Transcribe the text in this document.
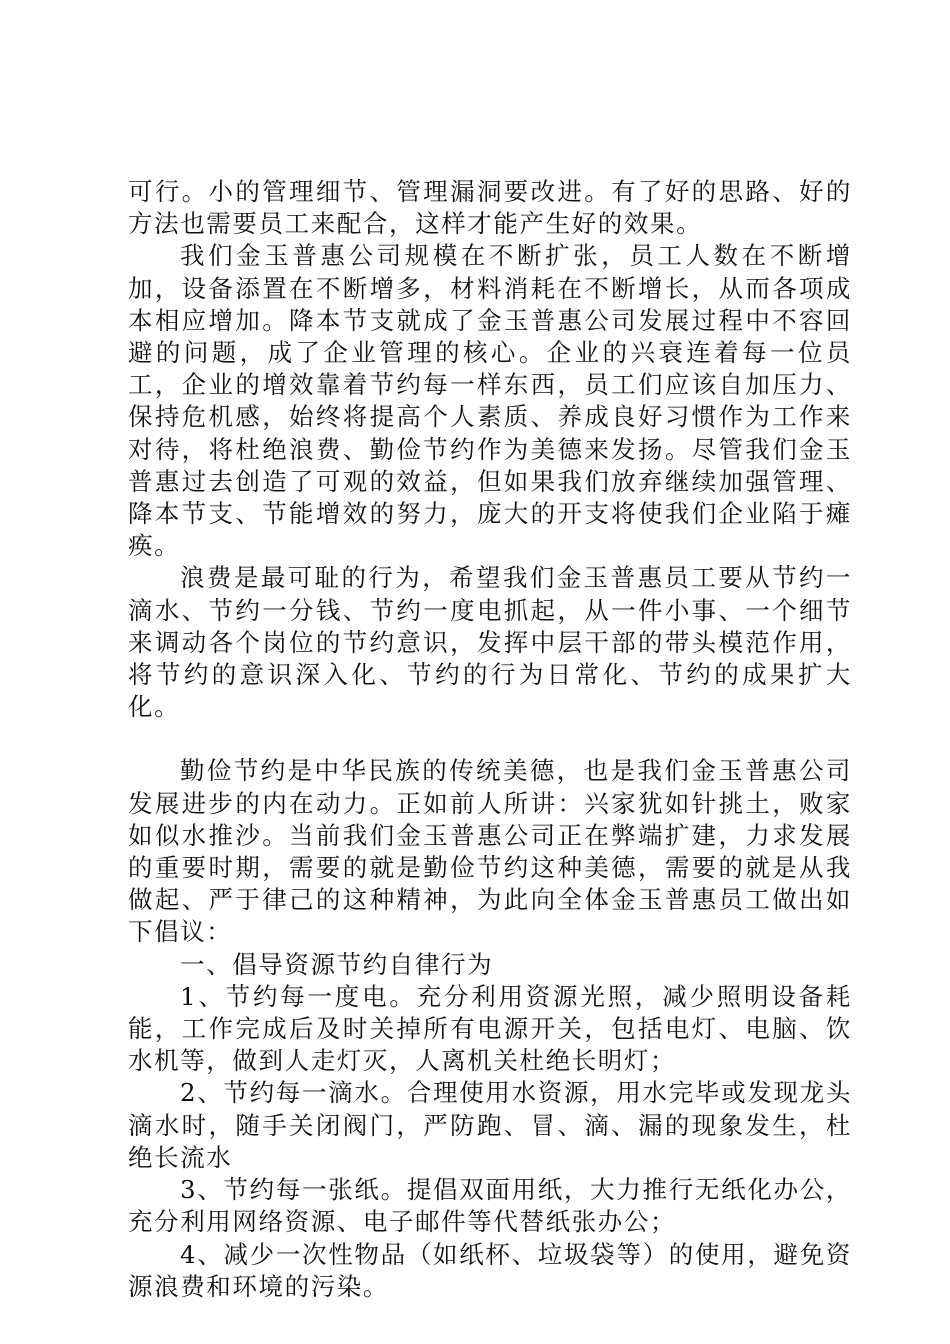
可行。小的管理细节、管理漏洞要改进。有了好的思路、好的方法也需要员工来配合，这样才能产生好的效果。

我们金玉普惠公司规模在不断扩张，员工人数在不断增加，设备添置在不断增多，材料消耗在不断增长，从而各项成本相应增加。降本节支就成了金玉普惠公司发展过程中不容回避的问题，成了企业管理的核心。企业的兴衰连着每一位员工，企业的增效靠着节约每一样东西，员工们应该自加压力、保持危机感，始终将提高个人素质、养成良好习惯作为工作来对待，将杜绝浪费、勤俭节约作为美德来发扬。尽管我们金玉普惠过去创造了可观的效益，但如果我们放弃继续加强管理、降本节支、节能增效的努力，庞大的开支将使我们企业陷于瘫痪。

浪费是最可耻的行为，希望我们金玉普惠员工要从节约一滴水、节约一分钱、节约一度电抓起，从一件小事、一个细节来调动各个岗位的节约意识，发挥中层干部的带头模范作用，将节约的意识深入化、节约的行为日常化、节约的成果扩大化。

勤俭节约是中华民族的传统美德，也是我们金玉普惠公司发展进步的内在动力。正如前人所讲：兴家犹如针挑土，败家如似水推沙。当前我们金玉普惠公司正在弊端扩建，力求发展的重要时期，需要的就是勤俭节约这种美德，需要的就是从我做起、严于律己的这种精神，为此向全体金玉普惠员工做出如下倡议：

一、倡导资源节约自律行为

1、节约每一度电。充分利用资源光照，减少照明设备耗能，工作完成后及时关掉所有电源开关，包括电灯、电脑、饮水机等，做到人走灯灭，人离机关杜绝长明灯；

2、节约每一滴水。合理使用水资源，用水完毕或发现龙头滴水时，随手关闭阀门，严防跑、冒、滴、漏的现象发生，杜绝长流水

3、节约每一张纸。提倡双面用纸，大力推行无纸化办公，充分利用网络资源、电子邮件等代替纸张办公；

4、减少一次性物品（如纸杯、垃圾袋等）的使用，避免资源浪费和环境的污染。
